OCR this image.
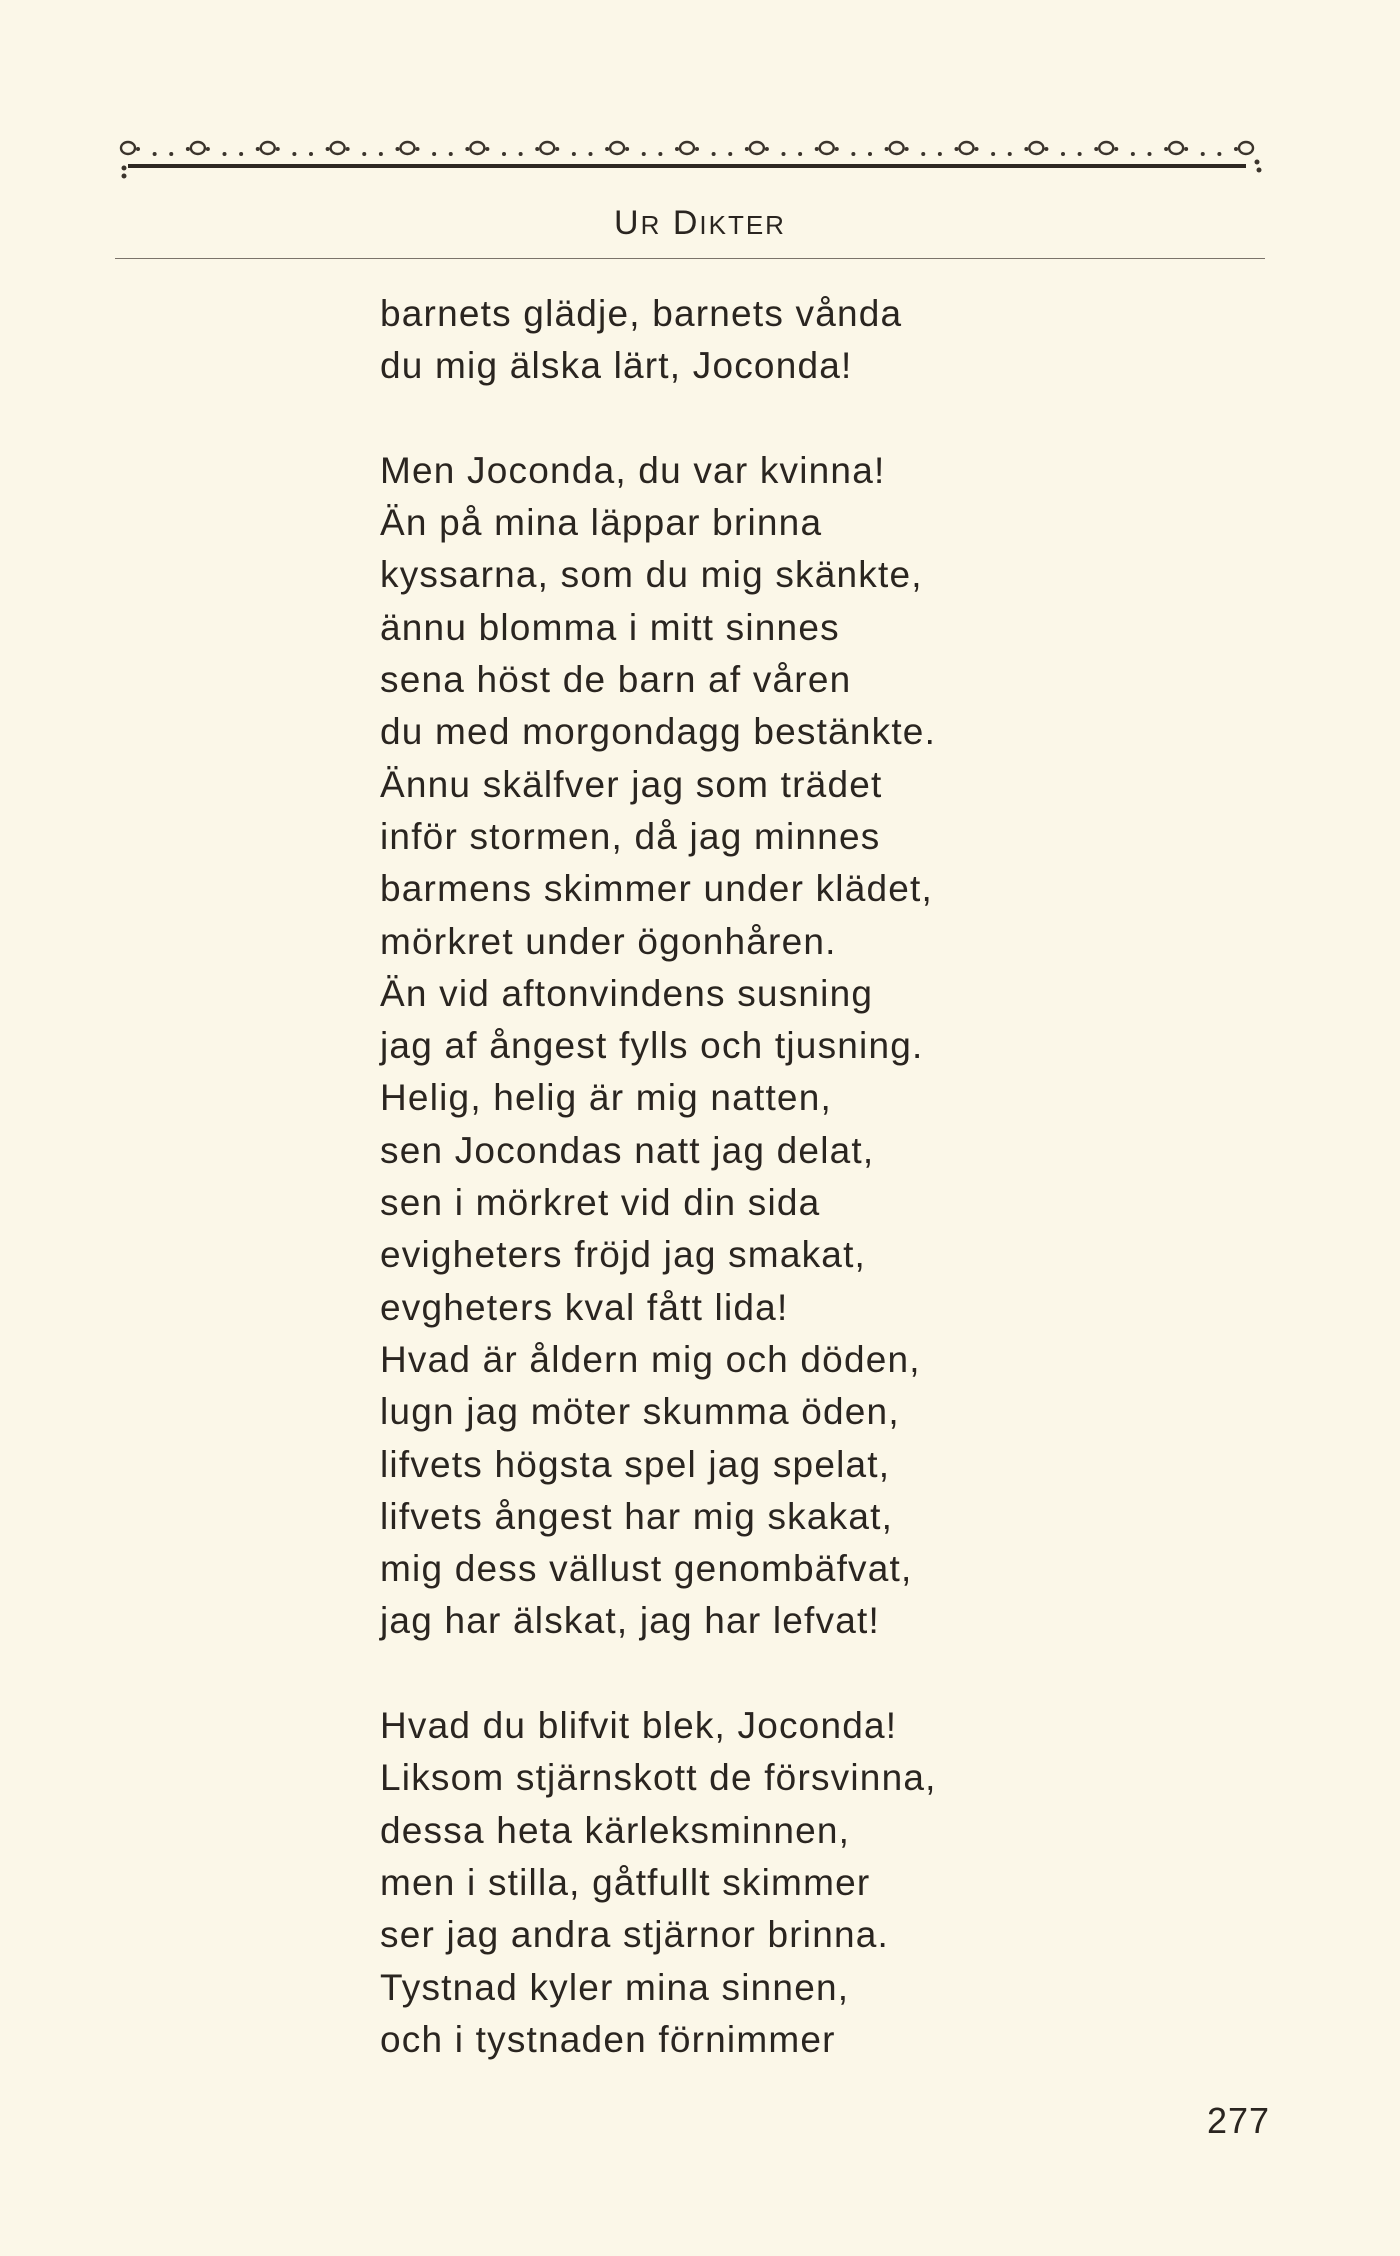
UR DIKTER
barnets glädje, barnets vånda
du mig älska lärt, Joconda!
Men Joconda, du var kvinna!
Än på mina läppar brinna
kyssarna, som du mig skänkte,
ännu blomma i mitt sinnes
sena höst de barn af våren
du med morgondagg bestänkte.
Ännu skälfver jag som trädet
inför stormen, då jag minnes
barmens skimmer under klädet,
mörkret under ögonhåren.
Än vid aftonvindens susning
jag af ångest fylls och tjusning.
Helig, helig är mig natten,
sen Jocondas natt jag delat,
sen i mörkret vid din sida
evigheters fröjd jag smakat,
evgheters kval fått lida!
Hvad är åldern mig och döden,
lugn jag möter skumma öden,
lifvets högsta spel jag spelat,
lifvets ångest har mig skakat,
mig dess vällust genombäfvat,
jag har älskat, jag har lefvat!
Hvad du blifvit blek, Joconda!
Liksom stjärnskott de försvinna,
dessa heta kärleksminnen,
men i stilla, gåtfullt skimmer
ser jag andra stjärnor brinna.
Tystnad kyler mina sinnen,
och i tystnaden förnimmer
277
